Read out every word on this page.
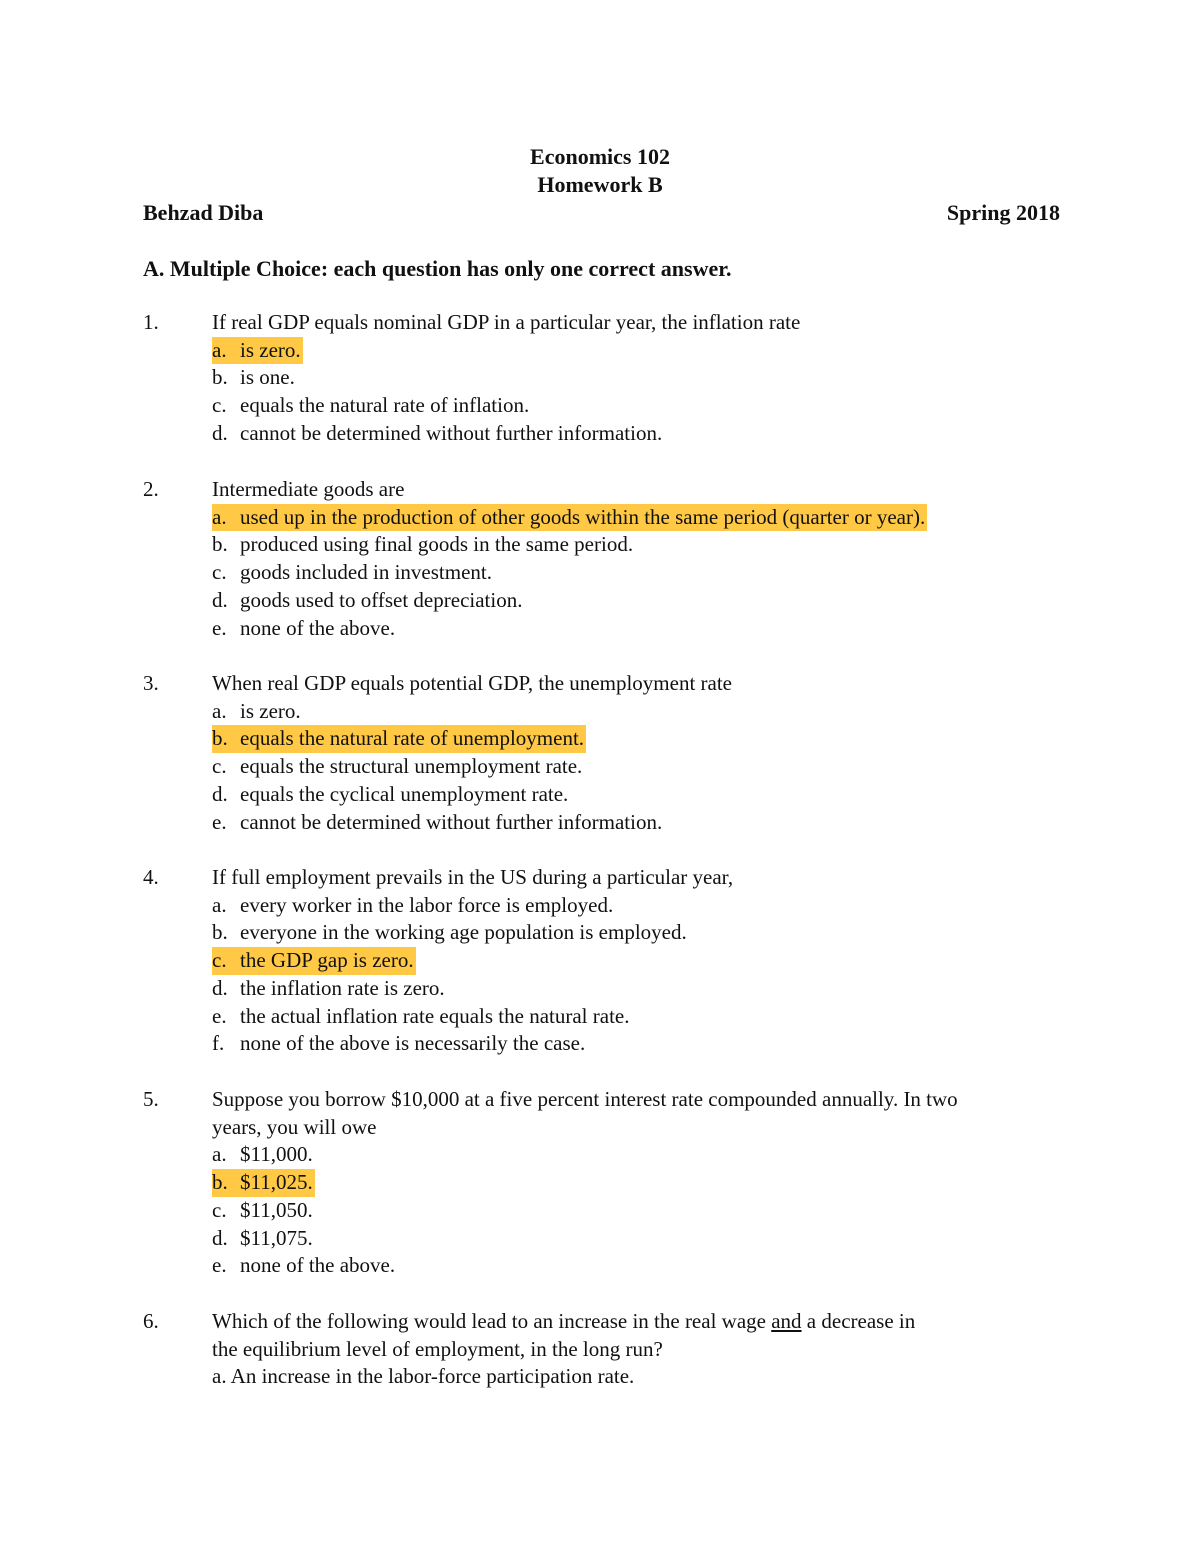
Economics 102
Homework B
Behzad Diba	Spring 2018
A. Multiple Choice: each question has only one correct answer.
1.	If real GDP equals nominal GDP in a particular year, the inflation rate
a. is zero.
b. is one.
c. equals the natural rate of inflation.
d. cannot be determined without further information.
2.	Intermediate goods are
a. used up in the production of other goods within the same period (quarter or year).
b. produced using final goods in the same period.
c. goods included in investment.
d. goods used to offset depreciation.
e. none of the above.
3.	When real GDP equals potential GDP, the unemployment rate
a. is zero.
b. equals the natural rate of unemployment.
c. equals the structural unemployment rate.
d. equals the cyclical unemployment rate.
e. cannot be determined without further information.
4.	If full employment prevails in the US during a particular year,
a. every worker in the labor force is employed.
b. everyone in the working age population is employed.
c. the GDP gap is zero.
d. the inflation rate is zero.
e. the actual inflation rate equals the natural rate.
f. none of the above is necessarily the case.
5.	Suppose you borrow $10,000 at a five percent interest rate compounded annually. In two
years, you will owe
a. $11,000.
b. $11,025.
c. $11,050.
d. $11,075.
e. none of the above.
6.	Which of the following would lead to an increase in the real wage and a decrease in
the equilibrium level of employment, in the long run?
a. An increase in the labor-force participation rate.
